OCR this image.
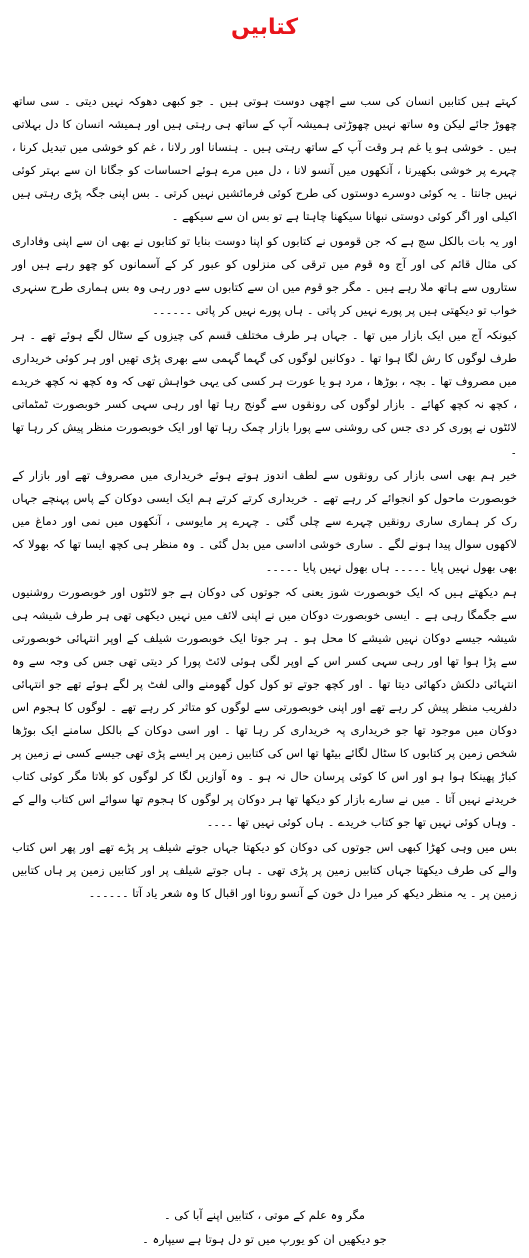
کتابیں

کہتے ہیں کتابیں انسان کی سب سے اچھی دوست ہوتی ہیں ۔ جو کبھی دھوکہ نہیں دیتی ۔ سی ساتھ چھوڑ جائے لیکن وہ ساتھ نہیں چھوڑتی ہمیشہ آپ کے ساتھ ہی رہتی ہیں اور ہمیشہ انسان کا دل بہلاتی ہیں ۔ خوشی ہو یا غم ہر وقت آپ کے ساتھ رہتی ہیں ۔ ہنسانا اور رلانا ، غم کو خوشی میں تبدیل کرنا ، چہرے پر خوشی بکھیرنا ، آنکھوں میں آنسو لانا ، دل میں مرے ہوئے احساسات کو جگانا ان سے بہتر کوئی نہیں جانتا ۔ یہ کوئی دوسرے دوستوں کی طرح کوئی فرمائشیں نہیں کرتی ۔ بس اپنی جگہ پڑی رہتی ہیں اکیلی اور اگر کوئی دوستی نبھانا سیکھنا چاہتا ہے تو بس ان سے سیکھے ۔

اور یہ بات بالکل سچ ہے کہ جن قوموں نے کتابوں کو اپنا دوست بنایا تو کتابوں نے بھی ان سے اپنی وفاداری کی مثال قائم کی اور آج وہ قوم میں ترقی کی منزلوں کو عبور کر کے آسمانوں کو چھو رہے ہیں اور ستاروں سے ہاتھ ملا رہے ہیں ۔ مگر جو قوم میں ان سے کتابوں سے دور رہی وہ بس ہماری طرح سنہری خواب تو دیکھتی ہیں پر پورے نہیں کر پاتی ۔ ہاں پورے نہیں کر پاتی ۔۔۔۔۔۔

کیونکہ آج میں ایک بازار میں تھا ۔ جہاں ہر طرف مختلف قسم کی چیزوں کے سٹال لگے ہوئے تھے ۔ ہر طرف لوگوں کا رش لگا ہوا تھا ۔ دوکانیں لوگوں کی گہما گہمی سے بھری پڑی تھیں اور ہر کوئی خریداری میں مصروف تھا ۔ بچہ ، بوڑھا ، مرد ہو یا عورت ہر کسی کی یہی خواہش تھی کہ وہ کچھ نہ کچھ خریدے ، کچھ نہ کچھ کھائے ۔ بازار لوگوں کی رونقوں سے گونج رہا تھا اور رہی سہی کسر خوبصورت ٹمٹماتی لائٹوں نے پوری کر دی جس کی روشنی سے پورا بازار چمک رہا تھا اور ایک خوبصورت منظر پیش کر رہا تھا ۔

خیر ہم بھی اسی بازار کی رونقوں سے لطف اندوز ہوتے ہوئے خریداری میں مصروف تھے اور بازار کے خوبصورت ماحول کو انجوائے کر رہے تھے ۔ خریداری کرتے کرتے ہم ایک ایسی دوکان کے پاس پہنچے جہاں رک کر ہماری ساری رونقیں چہرے سے چلی گئی ۔ چہرے پر مایوسی ، آنکھوں میں نمی اور دماغ میں لاکھوں سوال پیدا ہونے لگے ۔ ساری خوشی اداسی میں بدل گئی ۔ وہ منظر ہی کچھ ایسا تھا کہ بھولا کہ بھی بھول نہیں پایا ۔۔۔۔۔ ہاں بھول نہیں پایا ۔۔۔۔۔

ہم دیکھتے ہیں کہ ایک خوبصورت شوز یعنی کہ جوتوں کی دوکان ہے جو لائٹوں اور خوبصورت روشنیوں سے جگمگا رہی ہے ۔ ایسی خوبصورت دوکان میں نے اپنی لائف میں نہیں دیکھی تھی ہر طرف شیشہ ہی شیشہ جیسے دوکان نہیں شیشے کا محل ہو ۔ ہر جوتا ایک خوبصورت شیلف کے اوپر انتہائی خوبصورتی سے پڑا ہوا تھا اور رہی سہی کسر اس کے اوپر لگی ہوئی لائٹ پورا کر دیتی تھی جس کی وجہ سے وہ انتہائی دلکش دکھائی دیتا تھا ۔ اور کچھ جوتے تو کول کول گھومنے والی لفٹ پر لگے ہوئے تھے جو انتہائی دلفریب منظر پیش کر رہے تھے اور اپنی خوبصورتی سے لوگوں کو متاثر کر رہے تھے ۔ لوگوں کا ہجوم اس دوکان میں موجود تھا جو خریداری پہ خریداری کر رہا تھا ۔ اور اسی دوکان کے بالکل سامنے ایک بوڑھا شخص زمین پر کتابوں کا سٹال لگائے بیٹھا تھا اس کی کتابیں زمین پر ایسے پڑی تھی جیسے کسی نے زمین پر کباڑ پھینکا ہوا ہو اور اس کا کوئی پرسان حال نہ ہو ۔ وہ آوازیں لگا کر لوگوں کو بلاتا مگر کوئی کتاب خریدنے نہیں آتا ۔ میں نے سارے بازار کو دیکھا تھا ہر دوکان پر لوگوں کا ہجوم تھا سوائے اس کتاب والے کے ۔ وہاں کوئی نہیں تھا جو کتاب خریدے ۔ ہاں کوئی نہیں تھا ۔۔۔۔

بس میں وہی کھڑا کبھی اس جوتوں کی دوکان کو دیکھتا جہاں جوتے شیلف پر پڑے تھے اور پھر اس کتاب والے کی طرف دیکھتا جہاں کتابیں زمین پر پڑی تھی ۔ ہاں جوتے شیلف پر اور کتابیں زمین پر ہاں کتابیں زمین پر ۔ یہ منظر دیکھ کر میرا دل خون کے آنسو رونا اور اقبال کا وہ شعر یاد آتا ۔۔۔۔۔۔

مگر وہ علم کے موتی ، کتابیں اپنے آبا کی ۔
جو دیکھیں ان کو یورپ میں تو دل ہوتا ہے سیپارہ ۔
